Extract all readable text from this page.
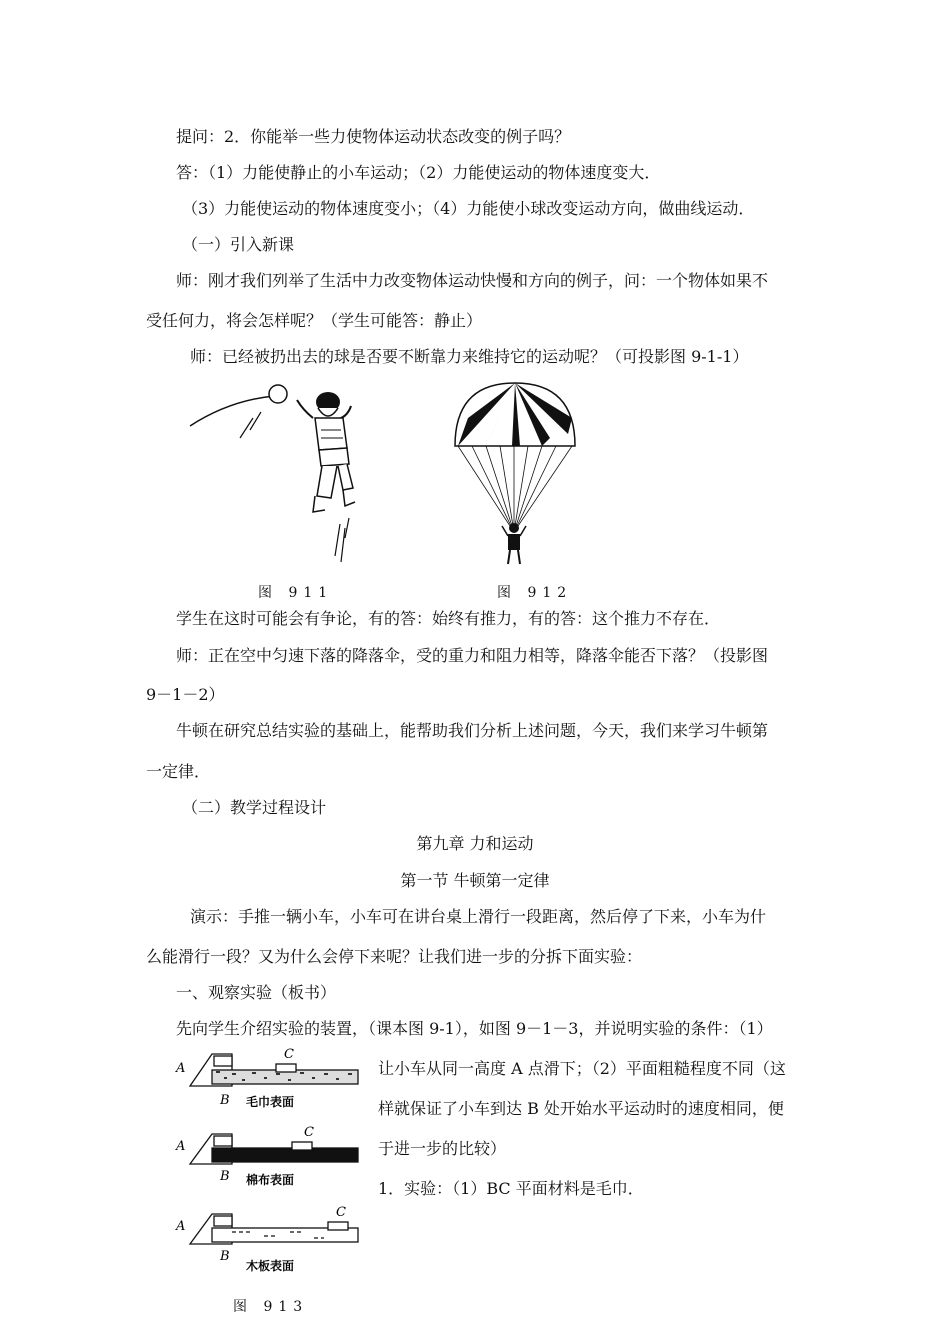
提问：2．你能举一些力使物体运动状态改变的例子吗？
答：（1）力能使静止的小车运动；（2）力能使运动的物体速度变大．
（3）力能使运动的物体速度变小；（4）力能使小球改变运动方向，做曲线运动．
（一）引入新课
师：刚才我们列举了生活中力改变物体运动快慢和方向的例子，问：一个物体如果不
受任何力，将会怎样呢？（学生可能答：静止）
师：已经被扔出去的球是否要不断靠力来维持它的运动呢？（可投影图 9-1-1）
图 911	图 912
学生在这时可能会有争论，有的答：始终有推力，有的答：这个推力不存在．
师：正在空中匀速下落的降落伞，受的重力和阻力相等，降落伞能否下落？（投影图
9－1－2）
牛顿在研究总结实验的基础上，能帮助我们分析上述问题，今天，我们来学习牛顿第
一定律．
（二）教学过程设计
第九章 力和运动
第一节 牛顿第一定律
演示：手推一辆小车，小车可在讲台桌上滑行一段距离，然后停了下来，小车为什
么能滑行一段？又为什么会停下来呢？让我们进一步的分拆下面实验：
一、观察实验（板书）
先向学生介绍实验的装置，（课本图 9-1），如图 9－1－3，并说明实验的条件：（1）
让小车从同一高度 A 点滑下；（2）平面粗糙程度不同（这
样就保证了小车到达 B 处开始水平运动时的速度相同，便
于进一步的比较）
1．实验：（1）BC 平面材料是毛巾．
A
C
B 毛巾表面
A
C
B 棉布表面
A
C
B
木板表面
图 913
